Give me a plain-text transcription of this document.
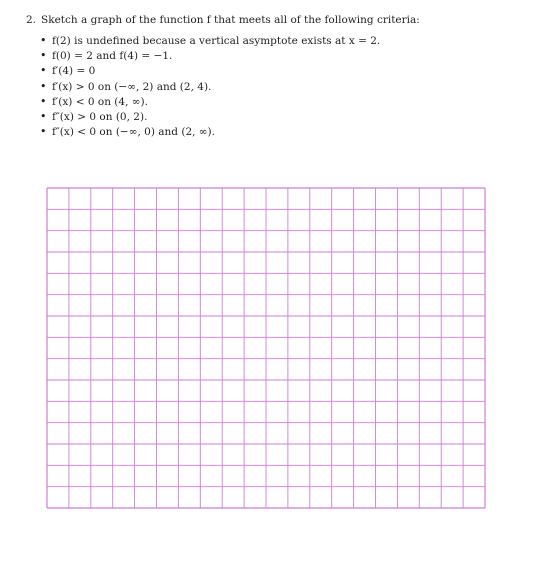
2. Sketch a graph of the function f that meets all of the following criteria:

• f(2) is undefined because a vertical asymptote exists at x = 2.
• f(0) = 2 and f(4) = −1.
• f′(4) = 0
• f′(x) > 0 on (−∞, 2) and (2, 4).
• f′(x) < 0 on (4, ∞).
• f″(x) > 0 on (0, 2).
• f″(x) < 0 on (−∞, 0) and (2, ∞).
